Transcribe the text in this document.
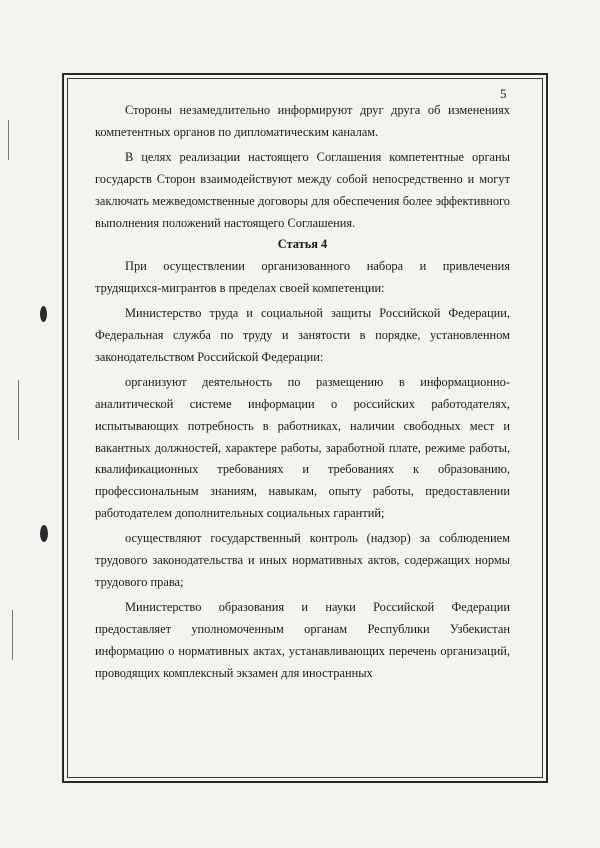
5

Стороны незамедлительно информируют друг друга об изменениях компетентных органов по дипломатическим каналам.

В целях реализации настоящего Соглашения компетентные органы государств Сторон взаимодействуют между собой непосредственно и могут заключать межведомственные договоры для обеспечения более эффективного выполнения положений настоящего Соглашения.

Статья 4

При осуществлении организованного набора и привлечения трудящихся-мигрантов в пределах своей компетенции:

Министерство труда и социальной защиты Российской Федерации, Федеральная служба по труду и занятости в порядке, установленном законодательством Российской Федерации:

организуют деятельность по размещению в информационно-аналитической системе информации о российских работодателях, испытывающих потребность в работниках, наличии свободных мест и вакантных должностей, характере работы, заработной плате, режиме работы, квалификационных требованиях и требованиях к образованию, профессиональным знаниям, навыкам, опыту работы, предоставлении работодателем дополнительных социальных гарантий;

осуществляют государственный контроль (надзор) за соблюдением трудового законодательства и иных нормативных актов, содержащих нормы трудового права;

Министерство образования и науки Российской Федерации предоставляет уполномоченным органам Республики Узбекистан информацию о нормативных актах, устанавливающих перечень организаций, проводящих комплексный экзамен для иностранных
